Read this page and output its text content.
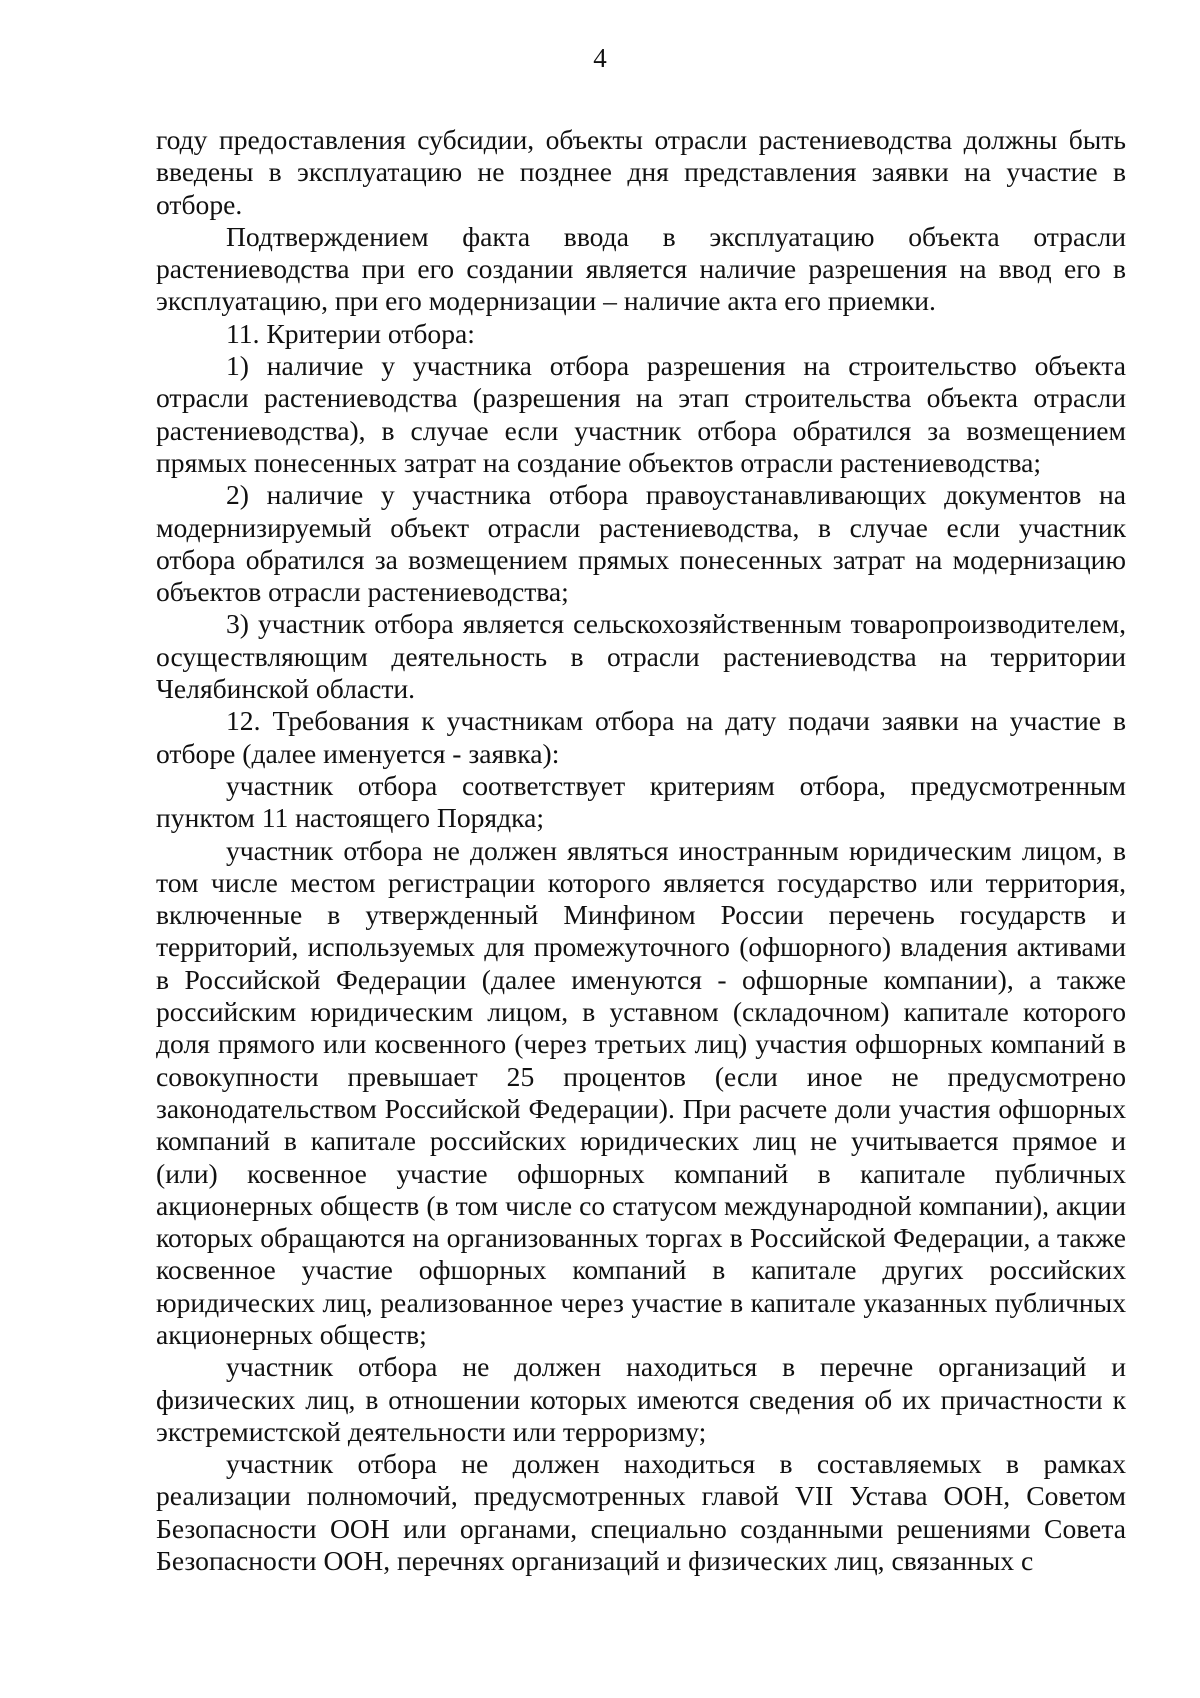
4

году предоставления субсидии, объекты отрасли растениеводства должны быть введены в эксплуатацию не позднее дня представления заявки на участие в отборе.

Подтверждением факта ввода в эксплуатацию объекта отрасли растениеводства при его создании является наличие разрешения на ввод его в эксплуатацию, при его модернизации – наличие акта его приемки.

11. Критерии отбора:

1) наличие у участника отбора разрешения на строительство объекта отрасли растениеводства (разрешения на этап строительства объекта отрасли растениеводства), в случае если участник отбора обратился за возмещением прямых понесенных затрат на создание объектов отрасли растениеводства;

2) наличие у участника отбора правоустанавливающих документов на модернизируемый объект отрасли растениеводства, в случае если участник отбора обратился за возмещением прямых понесенных затрат на модернизацию объектов отрасли растениеводства;

3) участник отбора является сельскохозяйственным товаропроизводителем, осуществляющим деятельность в отрасли растениеводства на территории Челябинской области.

12. Требования к участникам отбора на дату подачи заявки на участие в отборе (далее именуется - заявка):

участник отбора соответствует критериям отбора, предусмотренным пунктом 11 настоящего Порядка;

участник отбора не должен являться иностранным юридическим лицом, в том числе местом регистрации которого является государство или территория, включенные в утвержденный Минфином России перечень государств и территорий, используемых для промежуточного (офшорного) владения активами в Российской Федерации (далее именуются - офшорные компании), а также российским юридическим лицом, в уставном (складочном) капитале которого доля прямого или косвенного (через третьих лиц) участия офшорных компаний в совокупности превышает 25 процентов (если иное не предусмотрено законодательством Российской Федерации). При расчете доли участия офшорных компаний в капитале российских юридических лиц не учитывается прямое и (или) косвенное участие офшорных компаний в капитале публичных акционерных обществ (в том числе со статусом международной компании), акции которых обращаются на организованных торгах в Российской Федерации, а также косвенное участие офшорных компаний в капитале других российских юридических лиц, реализованное через участие в капитале указанных публичных акционерных обществ;

участник отбора не должен находиться в перечне организаций и физических лиц, в отношении которых имеются сведения об их причастности к экстремистской деятельности или терроризму;

участник отбора не должен находиться в составляемых в рамках реализации полномочий, предусмотренных главой VII Устава ООН, Советом Безопасности ООН или органами, специально созданными решениями Совета Безопасности ООН, перечнях организаций и физических лиц, связанных с
